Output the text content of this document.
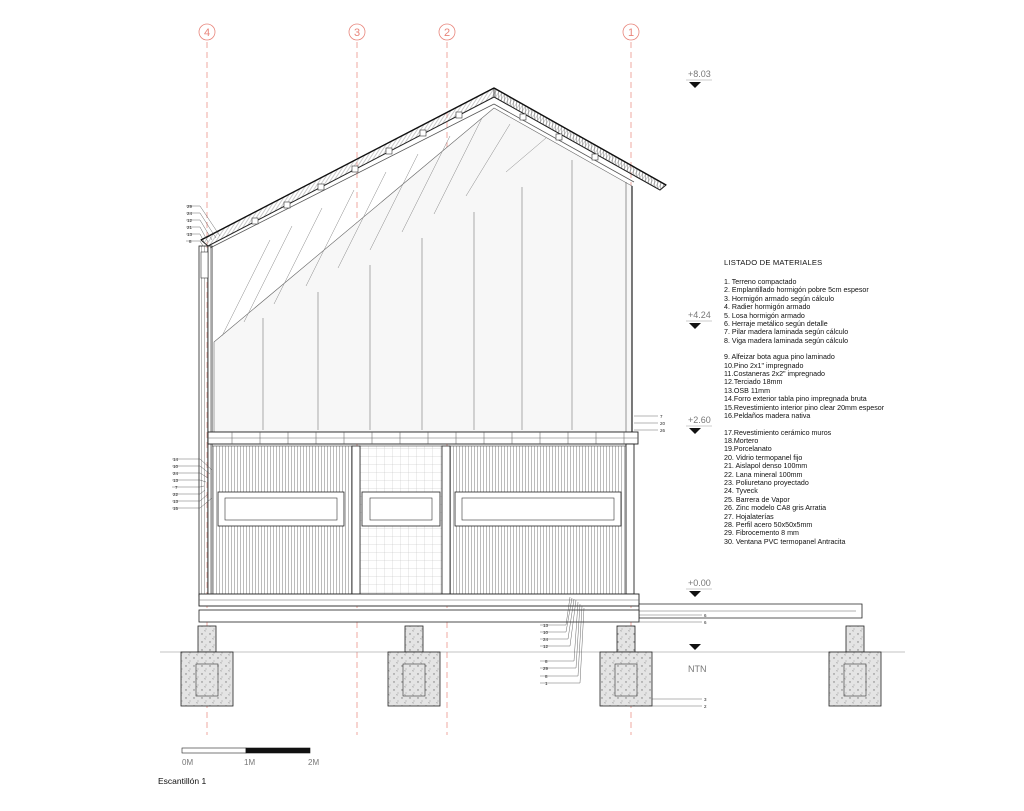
4	3	2	1
+8.03
+4.24
+2.60
+0.00
NTN
29
24
12
21
13
8
14
10
24
13
7
22
13
15
7
20
26
6
6
13
10
24
12
8
29
8
1
3
2
0M	1M	2M
LISTADO DE MATERIALES
1. Terreno compactado
2. Emplantillado hormigón pobre 5cm espesor
3. Hormigón armado según cálculo
4. Radier hormigón armado
5. Losa hormigón armado
6. Herraje metálico según detalle
7. Pilar madera laminada según cálculo
8. Viga madera laminada según cálculo
9. Alfeizar bota agua pino laminado
10.Pino 2x1" impregnado
11.Costaneras 2x2" impregnado
12.Terciado 18mm
13.OSB 11mm
14.Forro exterior tabla pino impregnada bruta
15.Revestimiento interior pino clear 20mm espesor
16.Peldaños madera nativa
17.Revestimiento cerámico muros
18.Mortero
19.Porcelanato
20. Vidrio termopanel fijo
21. Aislapol denso 100mm
22. Lana mineral 100mm
23. Poliuretano proyectado
24. Tyveck
25. Barrera de Vapor
26. Zinc modelo CA8 gris Arratia
27. Hojalaterías
28. Perfil acero 50x50x5mm
29. Fibrocemento 8 mm
30. Ventana PVC termopanel Antracita
Escantillón 1
